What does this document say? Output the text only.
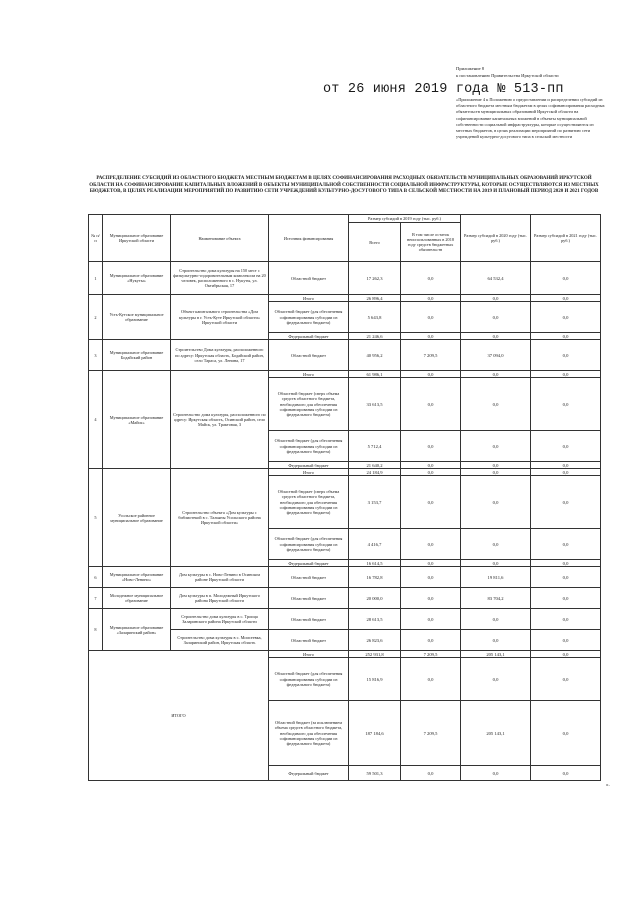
Приложение 8
к постановлению Правительства Иркутской области
от 26 июня 2019 года № 513-пп
«Приложение 4 к Положению о предоставлении и распределении субсидий из областного бюджета местным бюджетам в целях софинансирования расходных обязательств муниципальных образований Иркутской области на софинансирование капитальных вложений в объекты муниципальной собственности социальной инфраструктуры, которые осуществляются из местных бюджетов, в целях реализации мероприятий по развитию сети учреждений культурно-досугового типа в сельской местности
РАСПРЕДЕЛЕНИЕ СУБСИДИЙ ИЗ ОБЛАСТНОГО БЮДЖЕТА МЕСТНЫМ БЮДЖЕТАМ В ЦЕЛЯХ СОФИНАНСИРОВАНИЯ РАСХОДНЫХ ОБЯЗАТЕЛЬСТВ МУНИЦИПАЛЬНЫХ ОБРАЗОВАНИЙ ИРКУТСКОЙ ОБЛАСТИ НА СОФИНАНСИРОВАНИЕ КАПИТАЛЬНЫХ ВЛОЖЕНИЙ В ОБЪЕКТЫ МУНИЦИПАЛЬНОЙ СОБСТВЕННОСТИ СОЦИАЛЬНОЙ ИНФРАСТРУКТУРЫ, КОТОРЫЕ ОСУЩЕСТВЛЯЮТСЯ ИЗ МЕСТНЫХ БЮДЖЕТОВ, В ЦЕЛЯХ РЕАЛИЗАЦИИ МЕРОПРИЯТИЙ ПО РАЗВИТИЮ СЕТИ УЧРЕЖДЕНИЙ КУЛЬТУРНО-ДОСУГОВОГО ТИПА В СЕЛЬСКОЙ МЕСТНОСТИ НА 2019 И ПЛАНОВЫЙ ПЕРИОД 2020 И 2021 ГОДОВ
№ п/п	Муниципальное образование Иркутской области	Наименование объекта	Источник финансирования	Размер субсидий в 2019 году (тыс. руб.)		Размер субсидий в 2020 году (тыс. руб.)	Размер субсидий в 2021 году (тыс. руб.)
				Всего	В том числе остаток неиспользованных в 2018 году средств бюджетных обязательств		
1	Муниципальное образование «Нукуты»	Строительство дома культуры на 150 мест с физкультурно-оздоровительным комплексом на 20 человек, расположенного в с. Нукуты, ул. Октябрьская, 17	Областной бюджет	17 262,3	0,0	64 532,4	0,0
2	Усть-Кутское муниципальное образование	Объект капитального строительства «Дом культуры в г. Усть-Куте Иркутской области» Иркутской области	Итого	26 896,4	0,0	0,0	0,0
			Областной бюджет (для обеспечения софинансирования субсидии из федерального бюджета)	5 643,8	0,0	0,0	0,0
			Федеральный бюджет	21 246,6	0,0	0,0	0,0
3	Муниципальное образование Бодайский район	Строительство Дома культуры, расположенного по адресу: Иркутская область, Бодайский район, село Тараса, ул. Ленина, 17	Областной бюджет	40 956,2	7 209,5	37 094,0	0,0
4	Муниципальное образование «Майск»	Строительство дома культуры, расположенного по адресу: Иркутская область, Осинский район, село Майск, ул. Трактовая, 3	Итого	61 986,1	0,0	0,0	0,0
			Областной бюджет (сверх объема средств областного бюджета, необходимого для обеспечения софинансирования субсидии из федерального бюджета)	33 613,5	0,0	0,0	0,0
			Областной бюджет (для обеспечения софинансирования субсидии из федерального бюджета)	5 712,4	0,0	0,0	0,0
			Федеральный бюджет	21 640,2	0,0	0,0	0,0
5	Усольское районное муниципальное образование	Строительство объекта «Дом культуры с библиотекой в с. Тальяны Усольского района Иркутской области»	Итого	24 184,9	0,0	0,0	0,0
			Областной бюджет (сверх объема средств областного бюджета, необходимого для обеспечения софинансирования субсидии из федерального бюджета)	3 153,7	0,0	0,0	0,0
			Областной бюджет (для обеспечения софинансирования субсидии из федерального бюджета)	4 416,7	0,0	0,0	0,0
			Федеральный бюджет	16 614,5	0,0	0,0	0,0
6	Муниципальное образование «Ново-Ленино»	Дом культуры в с. Ново-Ленино в Осинском районе Иркутской области	Областной бюджет	16 782,8	0,0	19 811,6	0,0
7	Молодежное муниципальное образование	Дом культуры в п. Молодежный Иркутского района Иркутской области	Областной бюджет	20 000,0	0,0	83 704,2	0,0
8	Муниципальное образование «Заларинский район»	Строительство дома культуры в с. Троица Заларинского района Иркутской области	Областной бюджет	28 613,5	0,0	0,0	0,0
		Строительство дома культуры в с. Моисеевка, Заларинский район, Иркутская область	Областной бюджет	26 823,6	0,0	0,0	0,0
ИТОГО			Итого	252 931,8	7 209,5	205 143,1	0,0
			Областной бюджет (для обеспечения софинансирования субсидии из федерального бюджета)	15 816,9	0,0	0,0	0,0
			Областной бюджет (за исключением объема средств областного бюджета, необходимого для обеспечения софинансирования субсидии из федерального бюджета)	187 184,6	7 209,5	205 143,1	0,0
			Федеральный бюджет	59 501,3	0,0	0,0	0,0
».
